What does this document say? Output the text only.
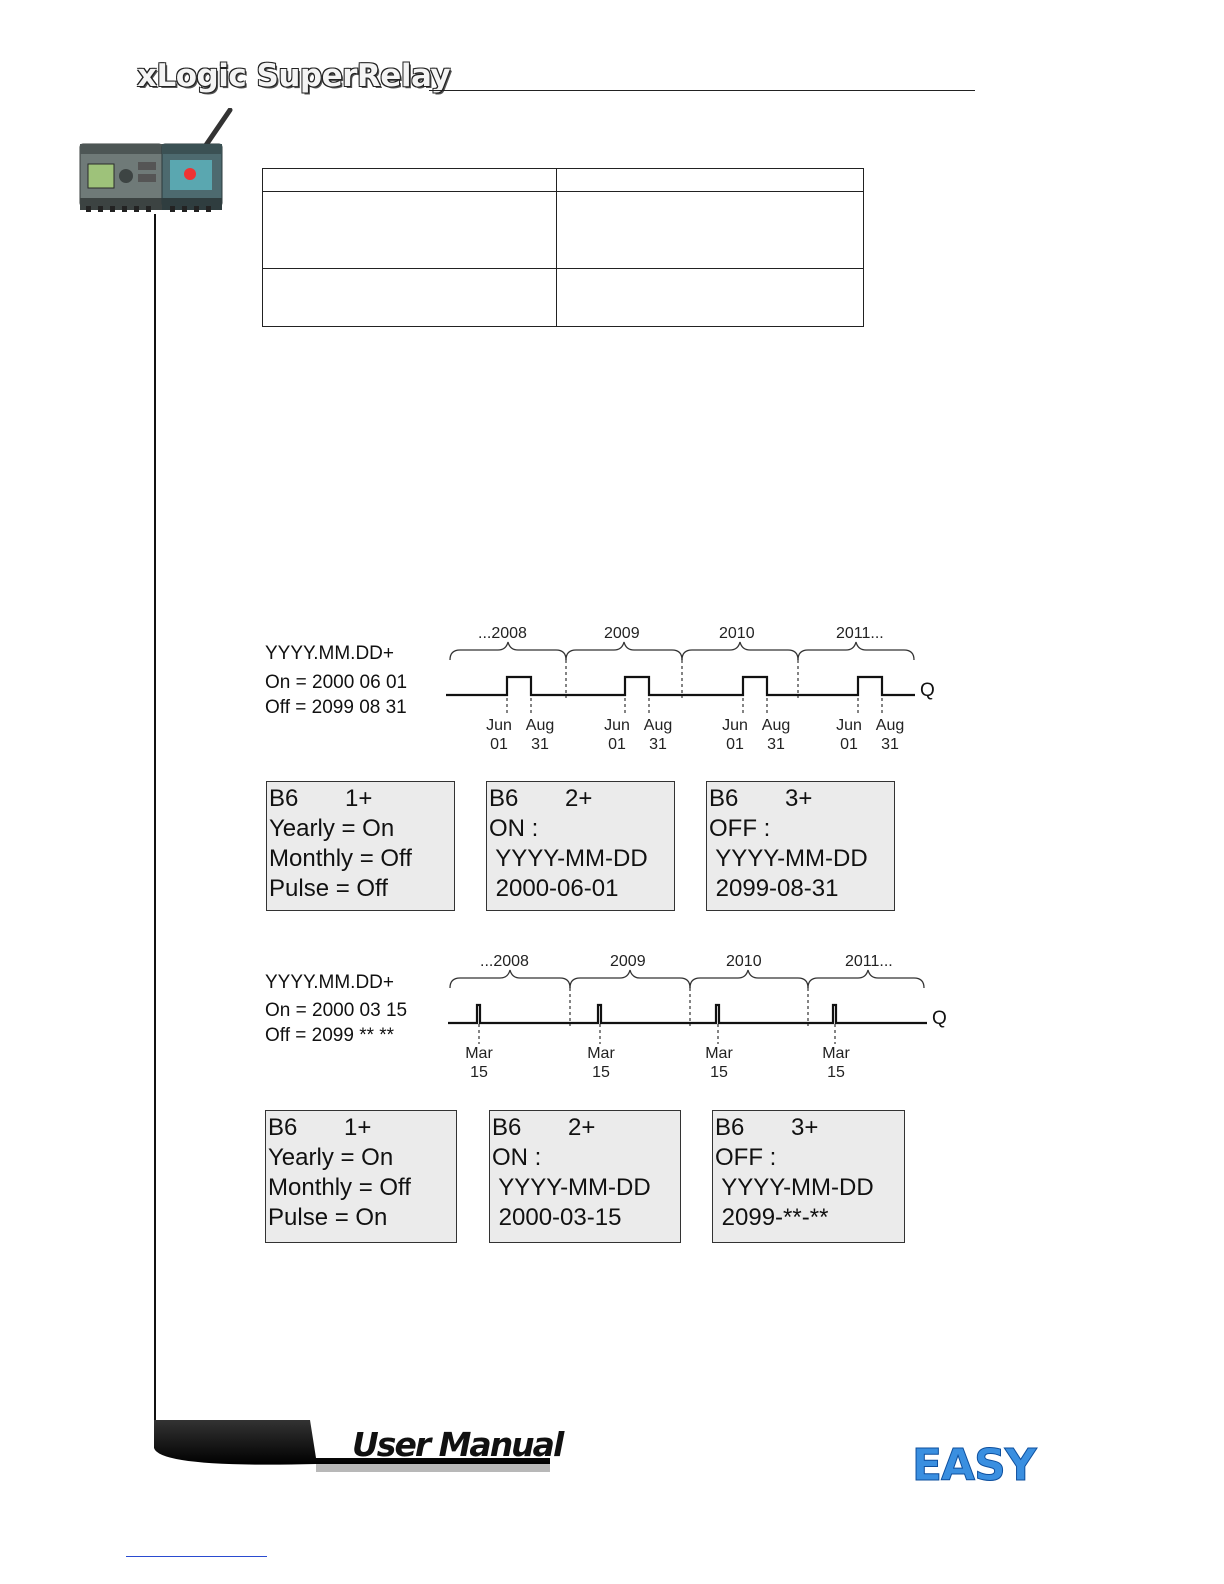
xLogic SuperRelay

YYYY.MM.DD+
On = 2000 06 01
Off = 2099 08 31
...2008	2009	2010	2011...
Q
Jun
01
Aug
31
Jun
01
Aug
31
Jun
01
Aug
31
Jun
01
Aug
31
B6       1+
Yearly = On
Monthly = Off
Pulse = Off
B6       2+
ON :
YYYY-MM-DD
2000-06-01
B6       3+
OFF :
YYYY-MM-DD
2099-08-31
YYYY.MM.DD+
On = 2000 03 15
Off = 2099 ** **
...2008	2009	2010	2011...
Q
Mar
15
Mar
15
Mar
15
Mar
15
B6       1+
Yearly = On
Monthly = Off
Pulse = On
B6       2+
ON :
YYYY-MM-DD
2000-03-15
B6       3+
OFF :
YYYY-MM-DD
2099-**-**
User Manual	EASY
